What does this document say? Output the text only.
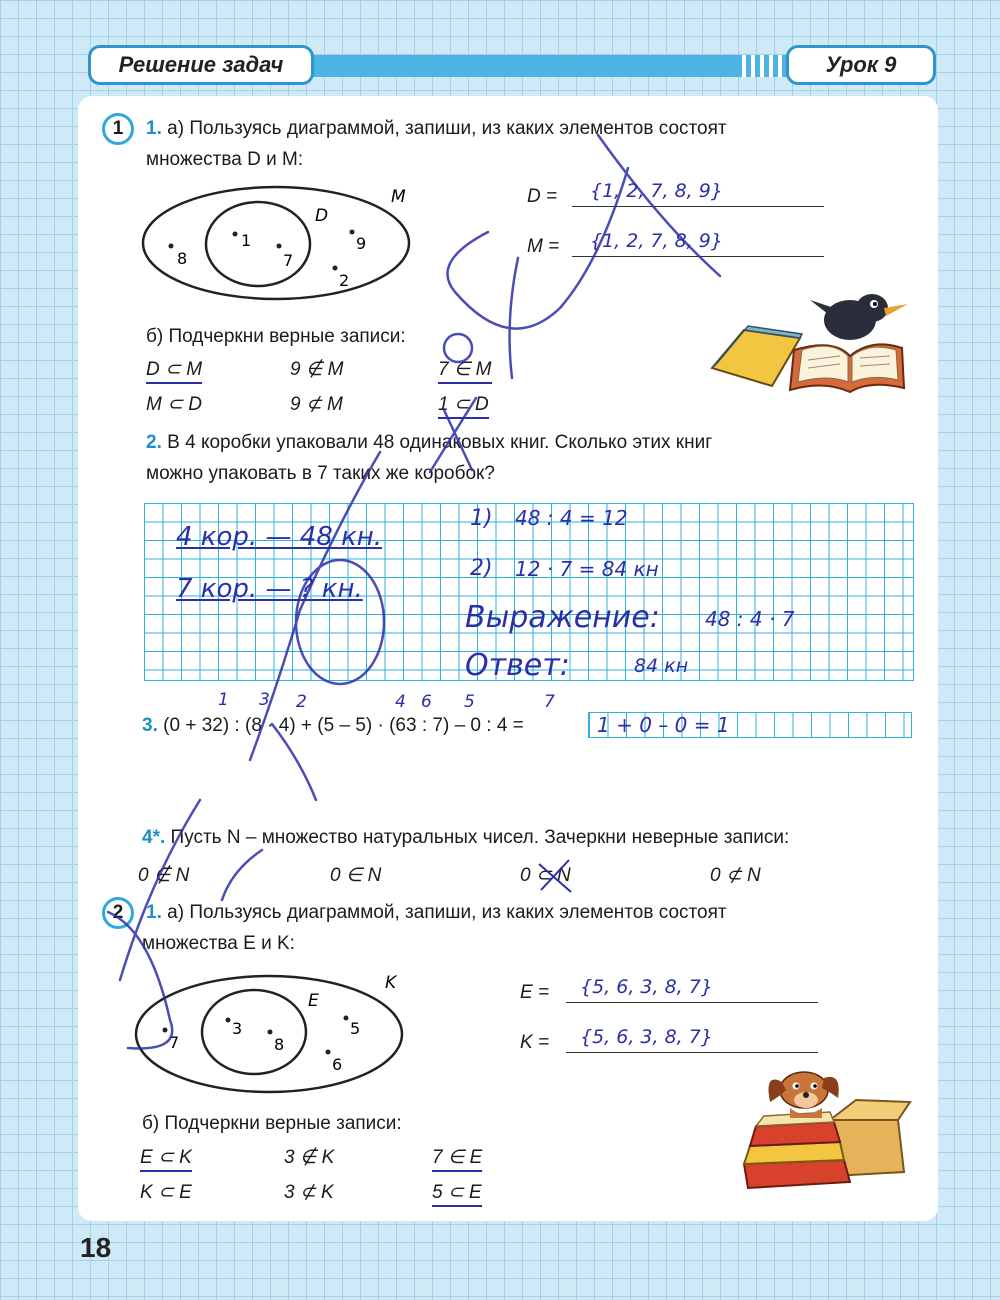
Решение задач	Урок 9
1	1. а) Пользуясь диаграммой, запиши, из каких элементов состоят
множества D и M:
M
D
1
7
8
9
2
D =	{1, 2, 7, 8, 9}
M =	{1, 2, 7, 8, 9}
б) Подчеркни верные записи:
D ⊂ M	9 ∉ M	7 ∈ M
M ⊂ D	9 ⊄ M	1 ⊂ D
2. В 4 коробки упаковали 48 одинаковых книг. Сколько этих книг
можно упаковать в 7 таких же коробок?
4 кор. — 48 кн.
7 кор. — ? кн.
1) 48 : 4 = 12
2) 12 · 7 = 84 кн
Выражение: 48 : 4 · 7
Ответ:	84 кн
1 3 2	4 6 5	7
3. (0 + 32) : (8 · 4) + (5 – 5) · (63 : 7) – 0 : 4 =	1 + 0 – 0 = 1
4*. Пусть N – множество натуральных чисел. Зачеркни неверные записи:
0 ∉ N	0 ∈ N	0 ⊂ N	0 ⊄ N
2	1. а) Пользуясь диаграммой, запиши, из каких элементов состоят
множества E и K:
K
E
3
8
7
5
6
E =	{5, 6, 3, 8, 7}
K =	{5, 6, 3, 8, 7}
б) Подчеркни верные записи:
E ⊂ K	3 ∉ K	7 ∈ E
K ⊂ E	3 ⊄ K	5 ⊂ E
18
